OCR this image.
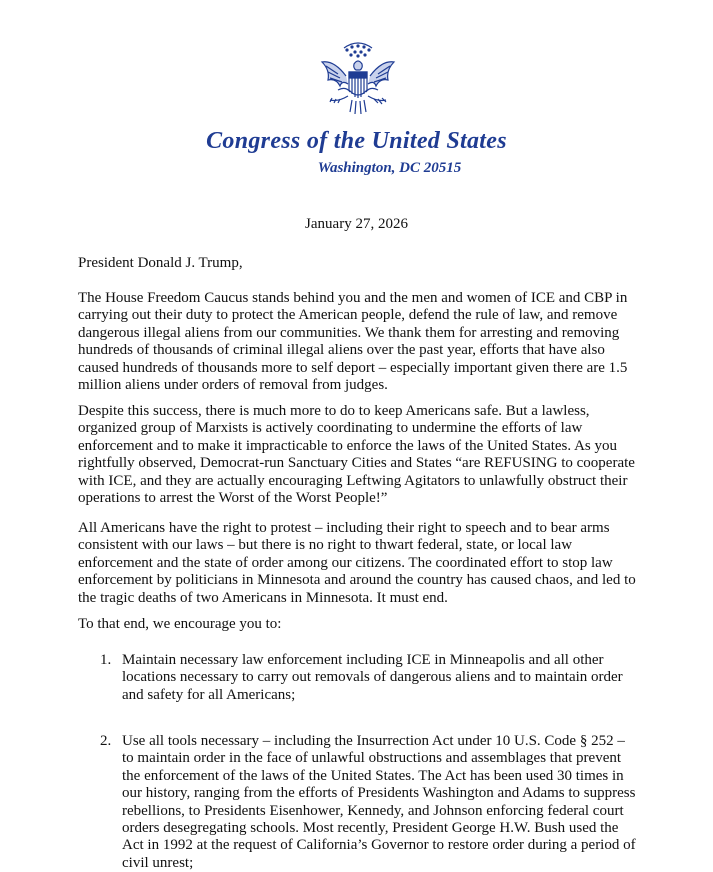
Congress of the United States
Washington, DC 20515
January 27, 2026
President Donald J. Trump,
The House Freedom Caucus stands behind you and the men and women of ICE and CBP in carrying out their duty to protect the American people, defend the rule of law, and remove dangerous illegal aliens from our communities. We thank them for arresting and removing hundreds of thousands of criminal illegal aliens over the past year, efforts that have also caused hundreds of thousands more to self deport – especially important given there are 1.5 million aliens under orders of removal from judges.
Despite this success, there is much more to do to keep Americans safe. But a lawless, organized group of Marxists is actively coordinating to undermine the efforts of law enforcement and to make it impracticable to enforce the laws of the United States. As you rightfully observed, Democrat-run Sanctuary Cities and States “are REFUSING to cooperate with ICE, and they are actually encouraging Leftwing Agitators to unlawfully obstruct their operations to arrest the Worst of the Worst People!”
All Americans have the right to protest – including their right to speech and to bear arms consistent with our laws – but there is no right to thwart federal, state, or local law enforcement and the state of order among our citizens. The coordinated effort to stop law enforcement by politicians in Minnesota and around the country has caused chaos, and led to the tragic deaths of two Americans in Minnesota. It must end.
To that end, we encourage you to:
1. Maintain necessary law enforcement including ICE in Minneapolis and all other locations necessary to carry out removals of dangerous aliens and to maintain order and safety for all Americans;
2. Use all tools necessary – including the Insurrection Act under 10 U.S. Code § 252 – to maintain order in the face of unlawful obstructions and assemblages that prevent the enforcement of the laws of the United States. The Act has been used 30 times in our history, ranging from the efforts of Presidents Washington and Adams to suppress rebellions, to Presidents Eisenhower, Kennedy, and Johnson enforcing federal court orders desegregating schools. Most recently, President George H.W. Bush used the Act in 1992 at the request of California’s Governor to restore order during a period of civil unrest;
